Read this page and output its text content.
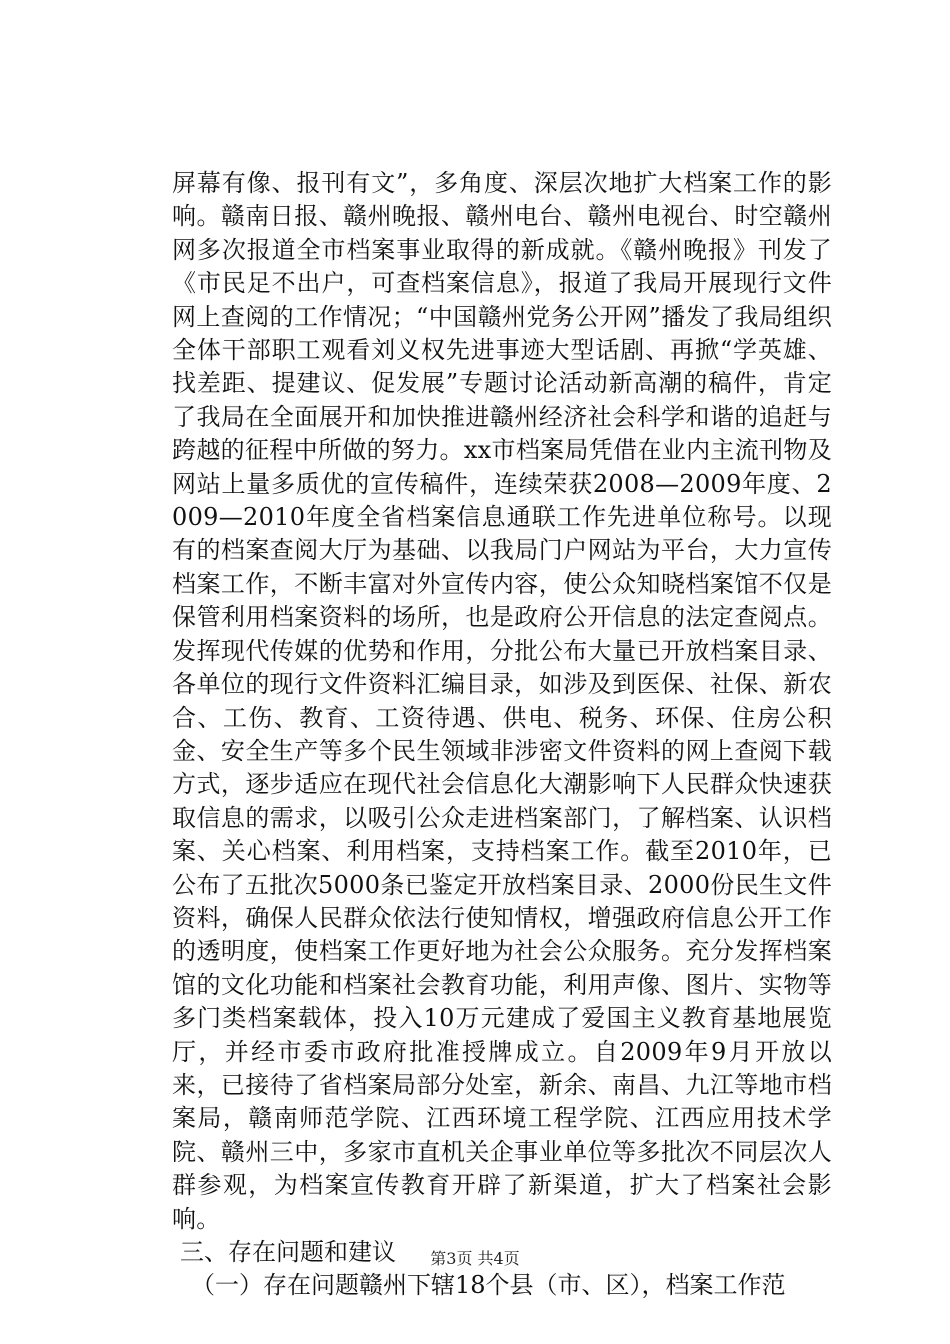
屏幕有像、报刊有文”，多角度、深层次地扩大档案工作的影响。赣南日报、赣州晚报、赣州电台、赣州电视台、时空赣州网多次报道全市档案事业取得的新成就。《赣州晚报》刊发了《市民足不出户，可查档案信息》，报道了我局开展现行文件网上查阅的工作情况；“中国赣州党务公开网”播发了我局组织全体干部职工观看刘义权先进事迹大型话剧、再掀“学英雄、找差距、提建议、促发展”专题讨论活动新高潮的稿件，肯定了我局在全面展开和加快推进赣州经济社会科学和谐的追赶与跨越的征程中所做的努力。xx市档案局凭借在业内主流刊物及网站上量多质优的宣传稿件，连续荣获2008—2009年度、2009—2010年度全省档案信息通联工作先进单位称号。以现有的档案查阅大厅为基础、以我局门户网站为平台，大力宣传档案工作，不断丰富对外宣传内容，使公众知晓档案馆不仅是保管利用档案资料的场所，也是政府公开信息的法定查阅点。发挥现代传媒的优势和作用，分批公布大量已开放档案目录、各单位的现行文件资料汇编目录，如涉及到医保、社保、新农合、工伤、教育、工资待遇、供电、税务、环保、住房公积金、安全生产等多个民生领域非涉密文件资料的网上查阅下载方式，逐步适应在现代社会信息化大潮影响下人民群众快速获取信息的需求，以吸引公众走进档案部门，了解档案、认识档案、关心档案、利用档案，支持档案工作。截至2010年，已公布了五批次5000条已鉴定开放档案目录、2000份民生文件资料，确保人民群众依法行使知情权，增强政府信息公开工作的透明度，使档案工作更好地为社会公众服务。充分发挥档案馆的文化功能和档案社会教育功能，利用声像、图片、实物等多门类档案载体，投入10万元建成了爱国主义教育基地展览厅，并经市委市政府批准授牌成立。自2009年9月开放以来，已接待了省档案局部分处室，新余、南昌、九江等地市档案局，赣南师范学院、江西环境工程学院、江西应用技术学院、赣州三中，多家市直机关企事业单位等多批次不同层次人群参观，为档案宣传教育开辟了新渠道，扩大了档案社会影响。

三、存在问题和建议

（一）存在问题赣州下辖18个县（市、区），档案工作范

第3页 共4页
